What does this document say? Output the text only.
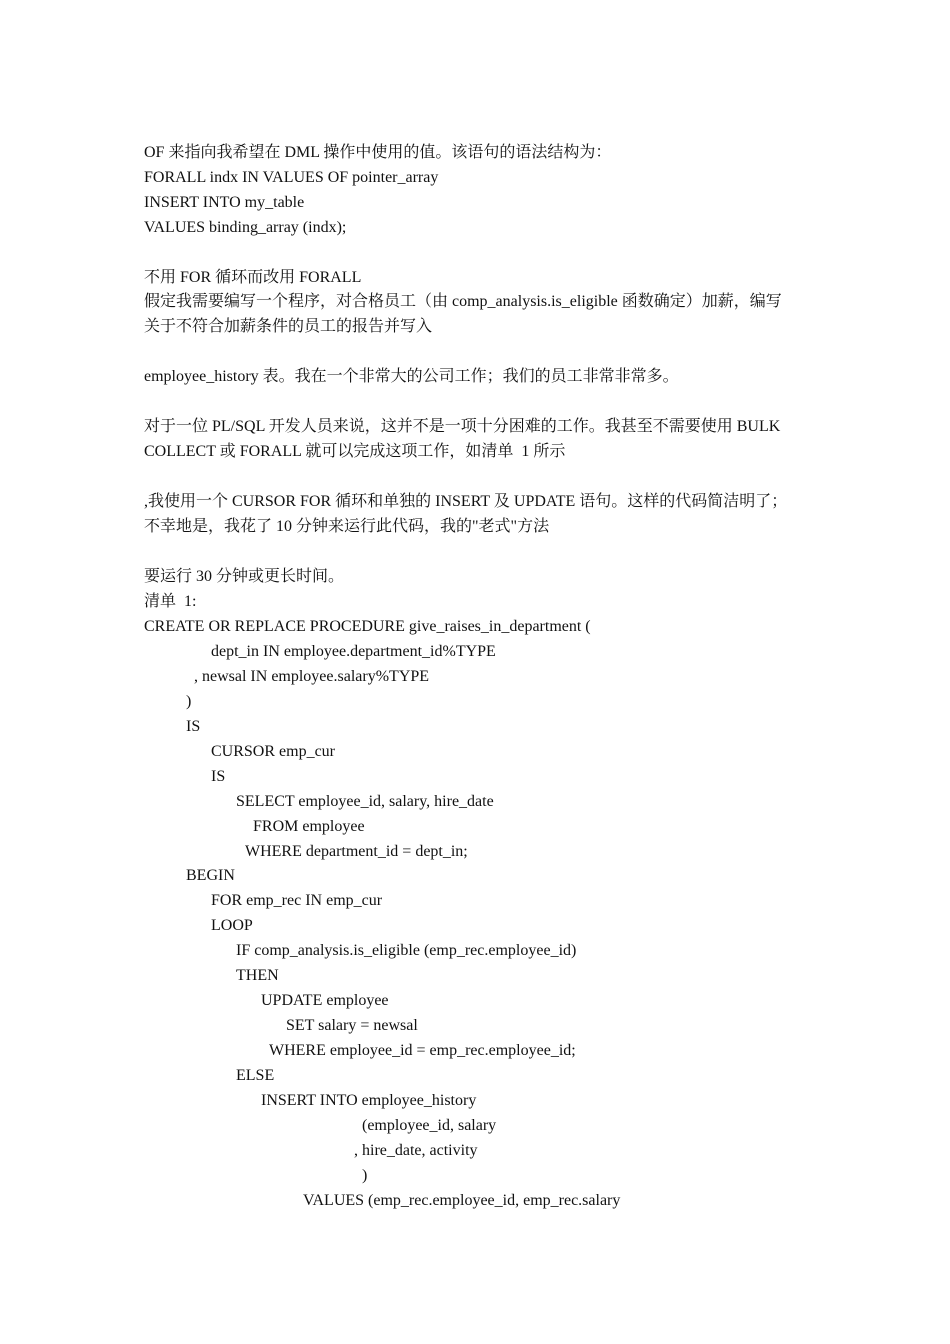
OF 来指向我希望在 DML 操作中使用的值。该语句的语法结构为：
FORALL indx IN VALUES OF pointer_array
INSERT INTO my_table
VALUES binding_array (indx);
不用 FOR 循环而改用 FORALL
假定我需要编写一个程序，对合格员工（由 comp_analysis.is_eligible 函数确定）加薪，编写
关于不符合加薪条件的员工的报告并写入
employee_history 表。我在一个非常大的公司工作；我们的员工非常非常多。
对于一位 PL/SQL 开发人员来说，这并不是一项十分困难的工作。我甚至不需要使用 BULK
COLLECT 或 FORALL 就可以完成这项工作，如清单  1 所示
,我使用一个 CURSOR FOR 循环和单独的 INSERT 及 UPDATE 语句。这样的代码简洁明了；
不幸地是，我花了 10 分钟来运行此代码，我的"老式"方法
要运行 30 分钟或更长时间。
清单  1:
CREATE OR REPLACE PROCEDURE give_raises_in_department (
dept_in IN employee.department_id%TYPE
, newsal IN employee.salary%TYPE
)
IS
CURSOR emp_cur
IS
SELECT employee_id, salary, hire_date
FROM employee
WHERE department_id = dept_in;
BEGIN
FOR emp_rec IN emp_cur
LOOP
IF comp_analysis.is_eligible (emp_rec.employee_id)
THEN
UPDATE employee
SET salary = newsal
WHERE employee_id = emp_rec.employee_id;
ELSE
INSERT INTO employee_history
(employee_id, salary
, hire_date, activity
)
VALUES (emp_rec.employee_id, emp_rec.salary
